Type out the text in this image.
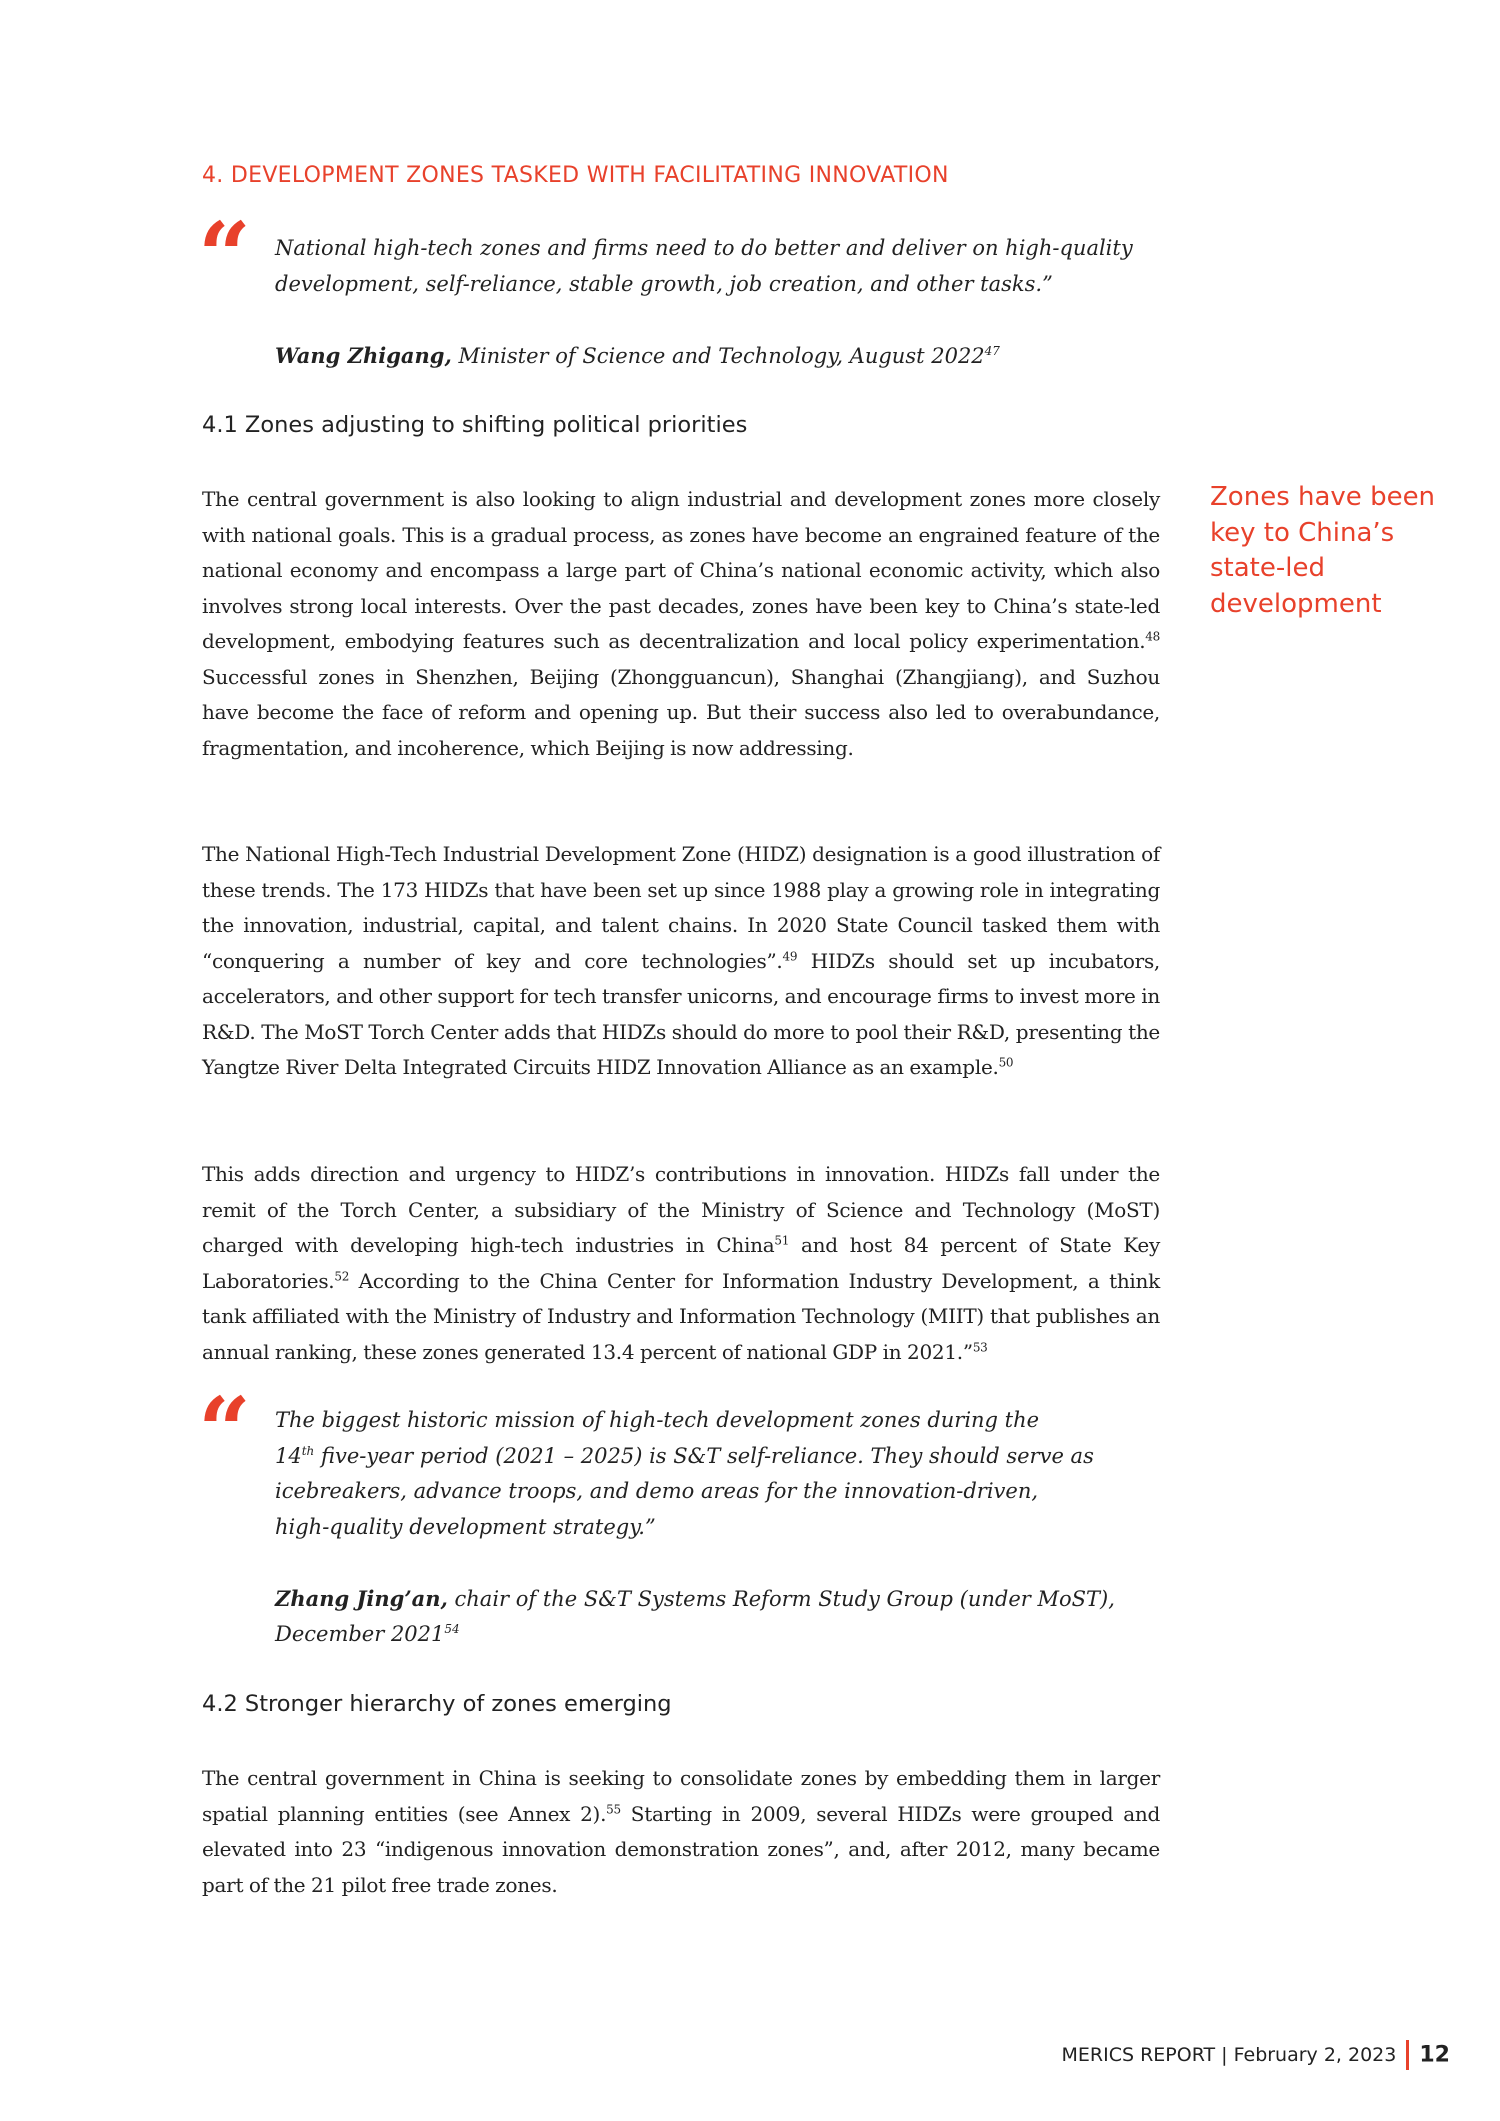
4. DEVELOPMENT ZONES TASKED WITH FACILITATING INNOVATION
“ National high-tech zones and firms need to do better and deliver on high-quality development, self-reliance, stable growth, job creation, and other tasks.”

Wang Zhigang, Minister of Science and Technology, August 2022$^{47}$

4.1 Zones adjusting to shifting political priorities

The central government is also looking to align industrial and development zones more closely with national goals. This is a gradual process, as zones have become an engrained feature of the national economy and encompass a large part of China’s national economic activity, which also involves strong local interests. Over the past decades, zones have been key to China’s state-led development, embodying features such as decentralization and local policy experimentation.$^{48}$ Successful zones in Shenzhen, Beijing (Zhongguancun), Shanghai (Zhangjiang), and Suzhou have become the face of reform and opening up. But their success also led to overabundance, fragmentation, and incoherence, which Beijing is now addressing.

Zones have been key to China’s state-led development

The National High-Tech Industrial Development Zone (HIDZ) designation is a good illustration of these trends. The 173 HIDZs that have been set up since 1988 play a growing role in integrating the innovation, industrial, capital, and talent chains. In 2020 State Council tasked them with “conquering a number of key and core technologies”.$^{49}$ HIDZs should set up incubators, accelerators, and other support for tech transfer unicorns, and encourage firms to invest more in R&D. The MoST Torch Center adds that HIDZs should do more to pool their R&D, presenting the Yangtze River Delta Integrated Circuits HIDZ Innovation Alliance as an example.$^{50}$

This adds direction and urgency to HIDZ’s contributions in innovation. HIDZs fall under the remit of the Torch Center, a subsidiary of the Ministry of Science and Technology (MoST) charged with developing high-tech industries in China$^{51}$ and host 84 percent of State Key Laboratories.$^{52}$ According to the China Center for Information Industry Development, a think tank affiliated with the Ministry of Industry and Information Technology (MIIT) that publishes an annual ranking, these zones generated 13.4 percent of national GDP in 2021.”$^{53}$

“ The biggest historic mission of high-tech development zones during the

14th five-year period (2021 – 2025) is S&T self-reliance. They should serve as

icebreakers, advance troops, and demo areas for the innovation-driven,

high-quality development strategy.”

Zhang Jing’an, chair of the S&T Systems Reform Study Group (under MoST),

December 2021$^{54}$

4.2 Stronger hierarchy of zones emerging

The central government in China is seeking to consolidate zones by embedding them in larger spatial planning entities (see Annex 2).$^{55}$ Starting in 2009, several HIDZs were grouped and elevated into 23 “indigenous innovation demonstration zones”, and, after 2012, many became part of the 21 pilot free trade zones.

MERICS REPORT | February 2, 2023 12
